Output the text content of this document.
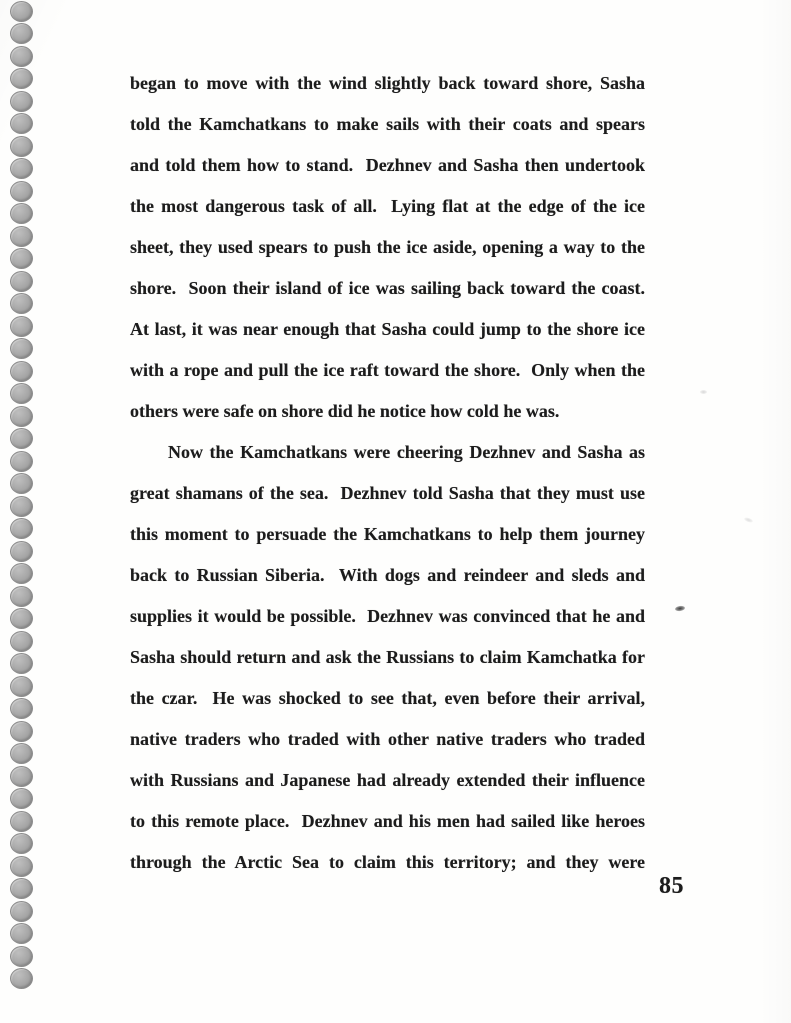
began to move with the wind slightly back toward shore, Sasha
told the Kamchatkans to make sails with their coats and spears
and told them how to stand.  Dezhnev and Sasha then undertook
the most dangerous task of all.  Lying flat at the edge of the ice
sheet, they used spears to push the ice aside, opening a way to the
shore.  Soon their island of ice was sailing back toward the coast.
At last, it was near enough that Sasha could jump to the shore ice
with a rope and pull the ice raft toward the shore.  Only when the
others were safe on shore did he notice how cold he was.
Now the Kamchatkans were cheering Dezhnev and Sasha as
great shamans of the sea.  Dezhnev told Sasha that they must use
this moment to persuade the Kamchatkans to help them journey
back to Russian Siberia.  With dogs and reindeer and sleds and
supplies it would be possible.  Dezhnev was convinced that he and
Sasha should return and ask the Russians to claim Kamchatka for
the czar.  He was shocked to see that, even before their arrival,
native traders who traded with other native traders who traded
with Russians and Japanese had already extended their influence
to this remote place.  Dezhnev and his men had sailed like heroes
through the Arctic Sea to claim this territory; and they were
85
